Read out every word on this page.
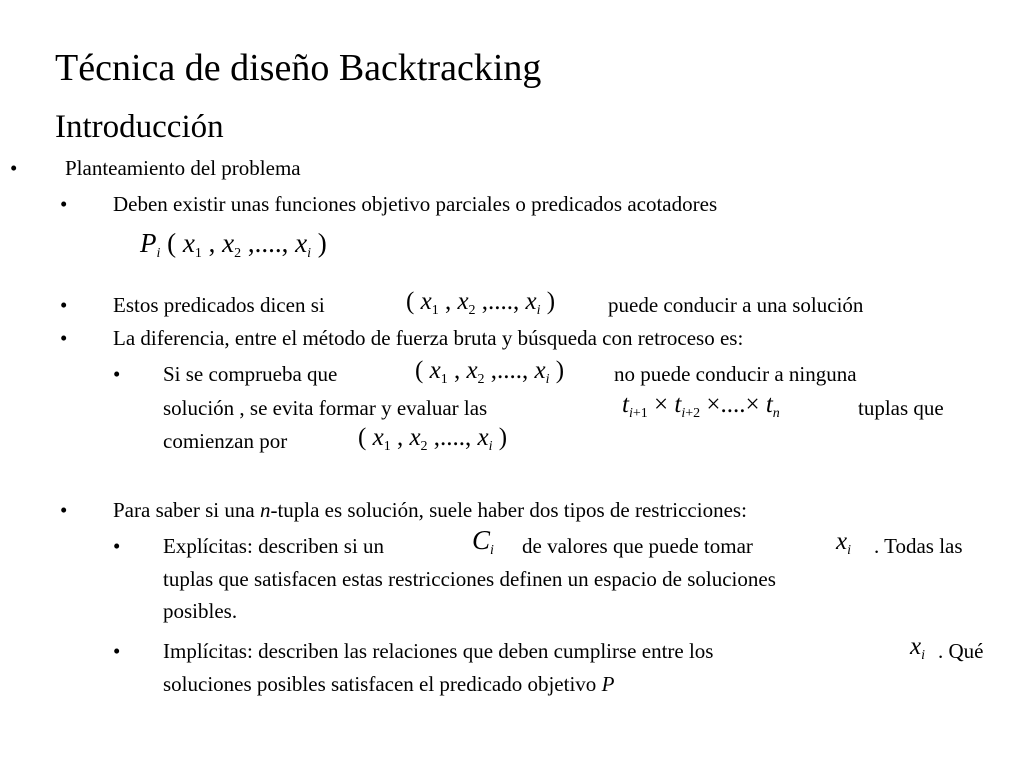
Técnica de diseño Backtracking
Introducción
• Planteamiento del problema
• Deben existir unas funciones objetivo parciales o predicados acotadores
$P_i$ ( $x_1$ , $x_2$ ,...., $x_i$ )
• Estos predicados dicen si	( $x_1$ , $x_2$ ,...., $x_i$ )	puede conducir a una solución
• La diferencia, entre el método de fuerza bruta y búsqueda con retroceso es:
• Si se comprueba que	( $x_1$ , $x_2$ ,...., $x_i$ ) no puede conducir a ninguna
solución , se evita formar y evaluar las	$t_{i+1} \times t_{i+2}$ ×....× $t_n$	tuplas que
comienzan por	( $x_1$ , $x_2$ ,...., $x_i$ )
• Para saber si una n-tupla es solución, suele haber dos tipos de restricciones:
• Explícitas: describen si un	$C_i$ de valores que puede tomar	$x_i$ . Todas las
tuplas que satisfacen estas restricciones definen un espacio de soluciones
posibles.
• Implícitas: describen las relaciones que deben cumplirse entre los	$x_i$ . Qué
soluciones posibles satisfacen el predicado objetivo P
